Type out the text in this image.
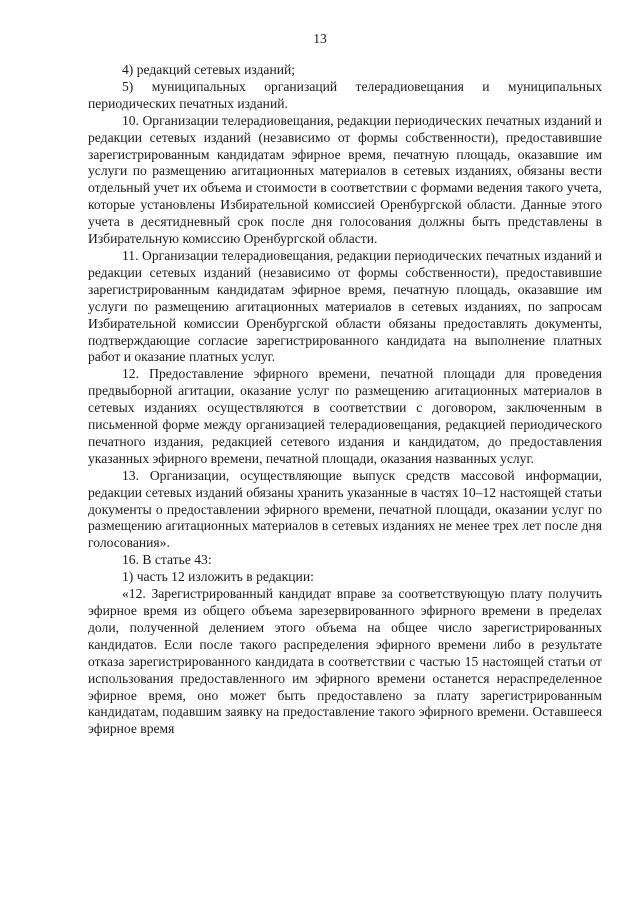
13

4) редакций сетевых изданий;

5) муниципальных организаций телерадиовещания и муниципальных периодических печатных изданий.

10. Организации телерадиовещания, редакции периодических печатных изданий и редакции сетевых изданий (независимо от формы собственности), предоставившие зарегистрированным кандидатам эфирное время, печатную площадь, оказавшие им услуги по размещению агитационных материалов в сетевых изданиях, обязаны вести отдельный учет их объема и стоимости в соответствии с формами ведения такого учета, которые установлены Избирательной комиссией Оренбургской области. Данные этого учета в десятидневный срок после дня голосования должны быть представлены в Избирательную комиссию Оренбургской области.

11. Организации телерадиовещания, редакции периодических печатных изданий и редакции сетевых изданий (независимо от формы собственности), предоставившие зарегистрированным кандидатам эфирное время, печатную площадь, оказавшие им услуги по размещению агитационных материалов в сетевых изданиях, по запросам Избирательной комиссии Оренбургской области обязаны предоставлять документы, подтверждающие согласие зарегистрированного кандидата на выполнение платных работ и оказание платных услуг.

12. Предоставление эфирного времени, печатной площади для проведения предвыборной агитации, оказание услуг по размещению агитационных материалов в сетевых изданиях осуществляются в соответствии с договором, заключенным в письменной форме между организацией телерадиовещания, редакцией периодического печатного издания, редакцией сетевого издания и кандидатом, до предоставления указанных эфирного времени, печатной площади, оказания названных услуг.

13. Организации, осуществляющие выпуск средств массовой информации, редакции сетевых изданий обязаны хранить указанные в частях 10–12 настоящей статьи документы о предоставлении эфирного времени, печатной площади, оказании услуг по размещению агитационных материалов в сетевых изданиях не менее трех лет после дня голосования».

16. В статье 43:

1) часть 12 изложить в редакции:

«12. Зарегистрированный кандидат вправе за соответствующую плату получить эфирное время из общего объема зарезервированного эфирного времени в пределах доли, полученной делением этого объема на общее число зарегистрированных кандидатов. Если после такого распределения эфирного времени либо в результате отказа зарегистрированного кандидата в соответствии с частью 15 настоящей статьи от использования предоставленного им эфирного времени останется нераспределенное эфирное время, оно может быть предоставлено за плату зарегистрированным кандидатам, подавшим заявку на предоставление такого эфирного времени. Оставшееся эфирное время
